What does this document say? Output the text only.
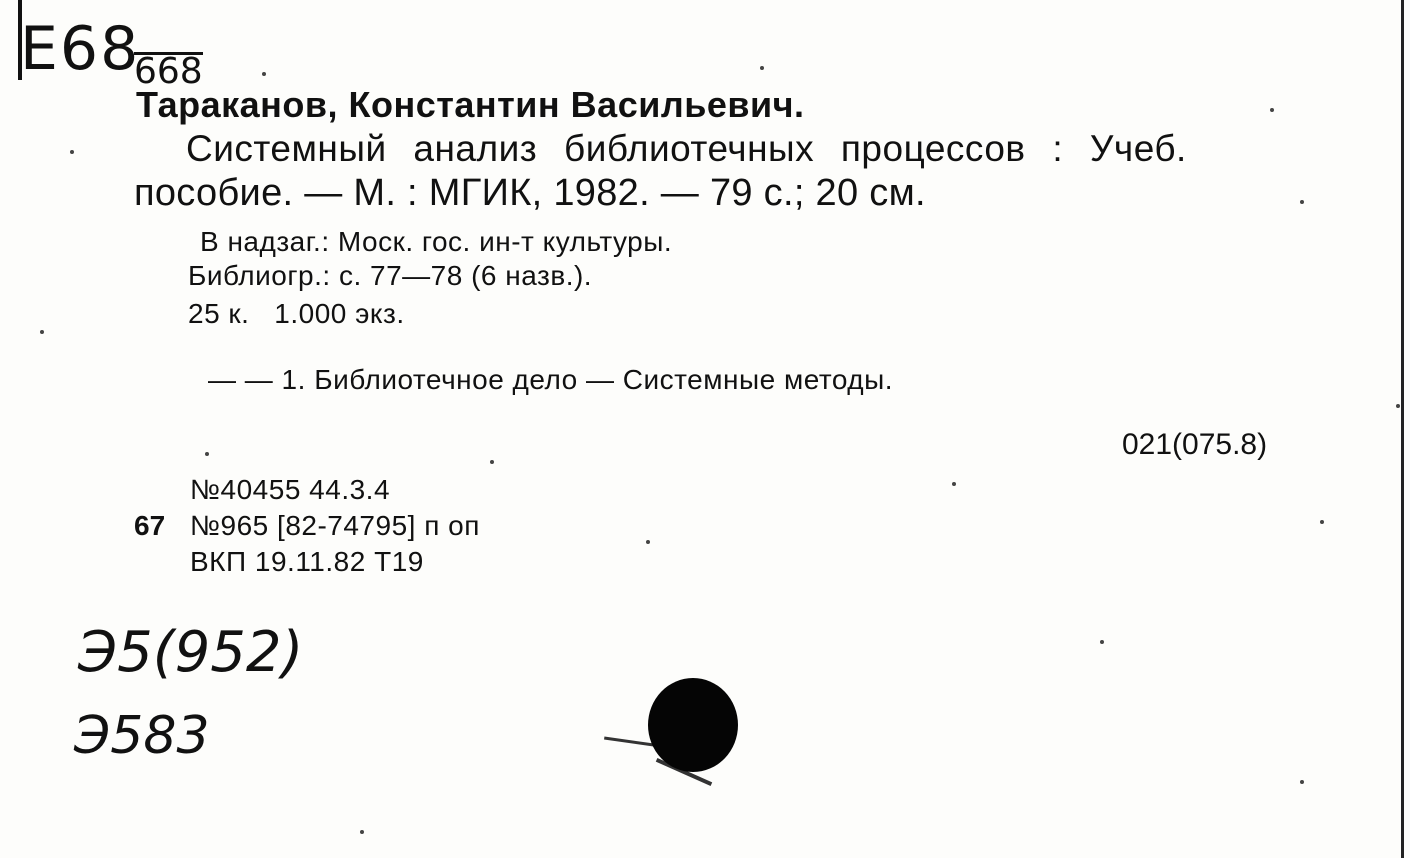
Е68
668
Тараканов, Константин Васильевич.
Системный анализ библиотечных процессов : Учеб.
пособие. — М. : МГИК, 1982. — 79 с.; 20 см.
В надзаг.: Моск. гос. ин-т культуры.
Библиогр.: с. 77—78 (6 назв.).
25 к.   1.000 экз.
— — 1. Библиотечное дело — Системные методы.
021(075.8)
№40455 44.3.4
67 №965 [82-74795] п оп
ВКП 19.11.82 Т19
Э5(952)
Э583
